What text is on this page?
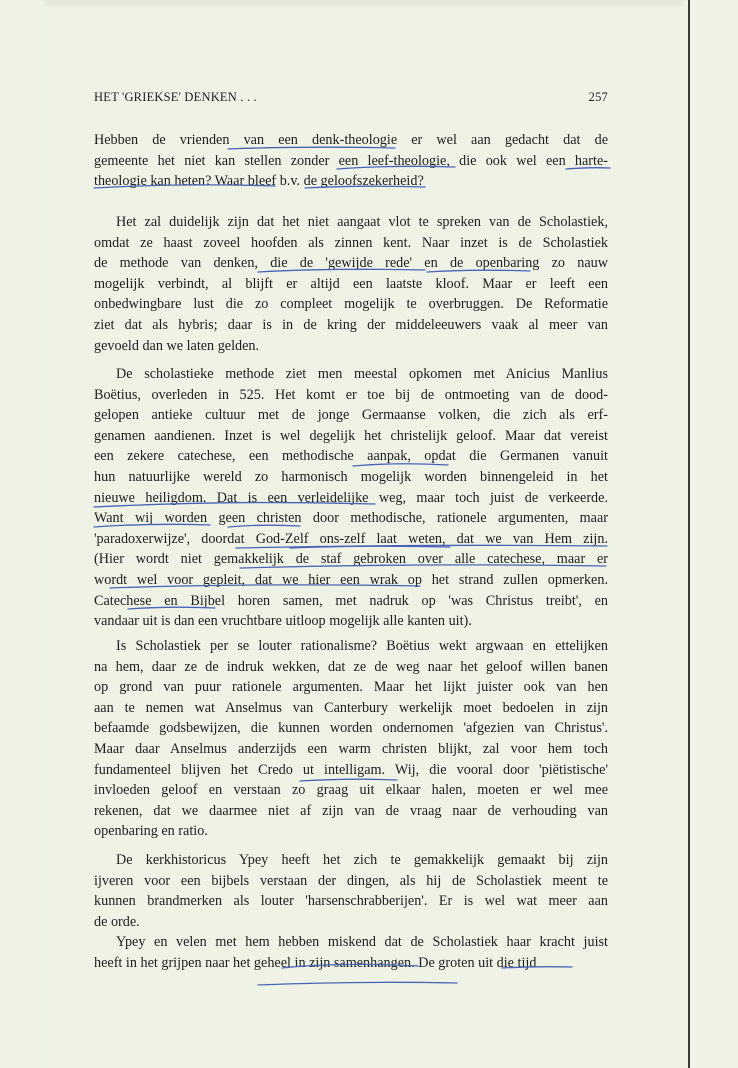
HET 'GRIEKSE' DENKEN . . .	257
Hebben de vrienden van een denk-theologie er wel aan gedacht dat de
gemeente het niet kan stellen zonder een leef-theologie, die ook wel een harte-
theologie kan heten? Waar bleef b.v. de geloofszekerheid?
Het zal duidelijk zijn dat het niet aangaat vlot te spreken van de Scholastiek,
omdat ze haast zoveel hoofden als zinnen kent. Naar inzet is de Scholastiek
de methode van denken, die de 'gewijde rede' en de openbaring zo nauw
mogelijk verbindt, al blijft er altijd een laatste kloof. Maar er leeft een
onbedwingbare lust die zo compleet mogelijk te overbruggen. De Reformatie
ziet dat als hybris; daar is in de kring der middeleeuwers vaak al meer van
gevoeld dan we laten gelden.
De scholastieke methode ziet men meestal opkomen met Anicius Manlius
Boëtius, overleden in 525. Het komt er toe bij de ontmoeting van de dood-
gelopen antieke cultuur met de jonge Germaanse volken, die zich als erf-
genamen aandienen. Inzet is wel degelijk het christelijk geloof. Maar dat vereist
een zekere catechese, een methodische aanpak, opdat die Germanen vanuit
hun natuurlijke wereld zo harmonisch mogelijk worden binnengeleid in het
nieuwe heiligdom. Dat is een verleidelijke weg, maar toch juist de verkeerde.
Want wij worden geen christen door methodische, rationele argumenten, maar
'paradoxerwijze', doordat God-Zelf ons-zelf laat weten, dat we van Hem zijn.
(Hier wordt niet gemakkelijk de staf gebroken over alle catechese, maar er
wordt wel voor gepleit, dat we hier een wrak op het strand zullen opmerken.
Catechese en Bijbel horen samen, met nadruk op 'was Christus treibt', en
vandaar uit is dan een vruchtbare uitloop mogelijk alle kanten uit).
Is Scholastiek per se louter rationalisme? Boëtius wekt argwaan en ettelijken
na hem, daar ze de indruk wekken, dat ze de weg naar het geloof willen banen
op grond van puur rationele argumenten. Maar het lijkt juister ook van hen
aan te nemen wat Anselmus van Canterbury werkelijk moet bedoelen in zijn
befaamde godsbewijzen, die kunnen worden ondernomen 'afgezien van Christus'.
Maar daar Anselmus anderzijds een warm christen blijkt, zal voor hem toch
fundamenteel blijven het Credo ut intelligam. Wij, die vooral door 'piëtistische'
invloeden geloof en verstaan zo graag uit elkaar halen, moeten er wel mee
rekenen, dat we daarmee niet af zijn van de vraag naar de verhouding van
openbaring en ratio.
De kerkhistoricus Ypey heeft het zich te gemakkelijk gemaakt bij zijn
ijveren voor een bijbels verstaan der dingen, als hij de Scholastiek meent te
kunnen brandmerken als louter 'harsenschrabberijen'. Er is wel wat meer aan
de orde.
Ypey en velen met hem hebben miskend dat de Scholastiek haar kracht juist
heeft in het grijpen naar het geheel in zijn samenhangen. De groten uit die tijd
